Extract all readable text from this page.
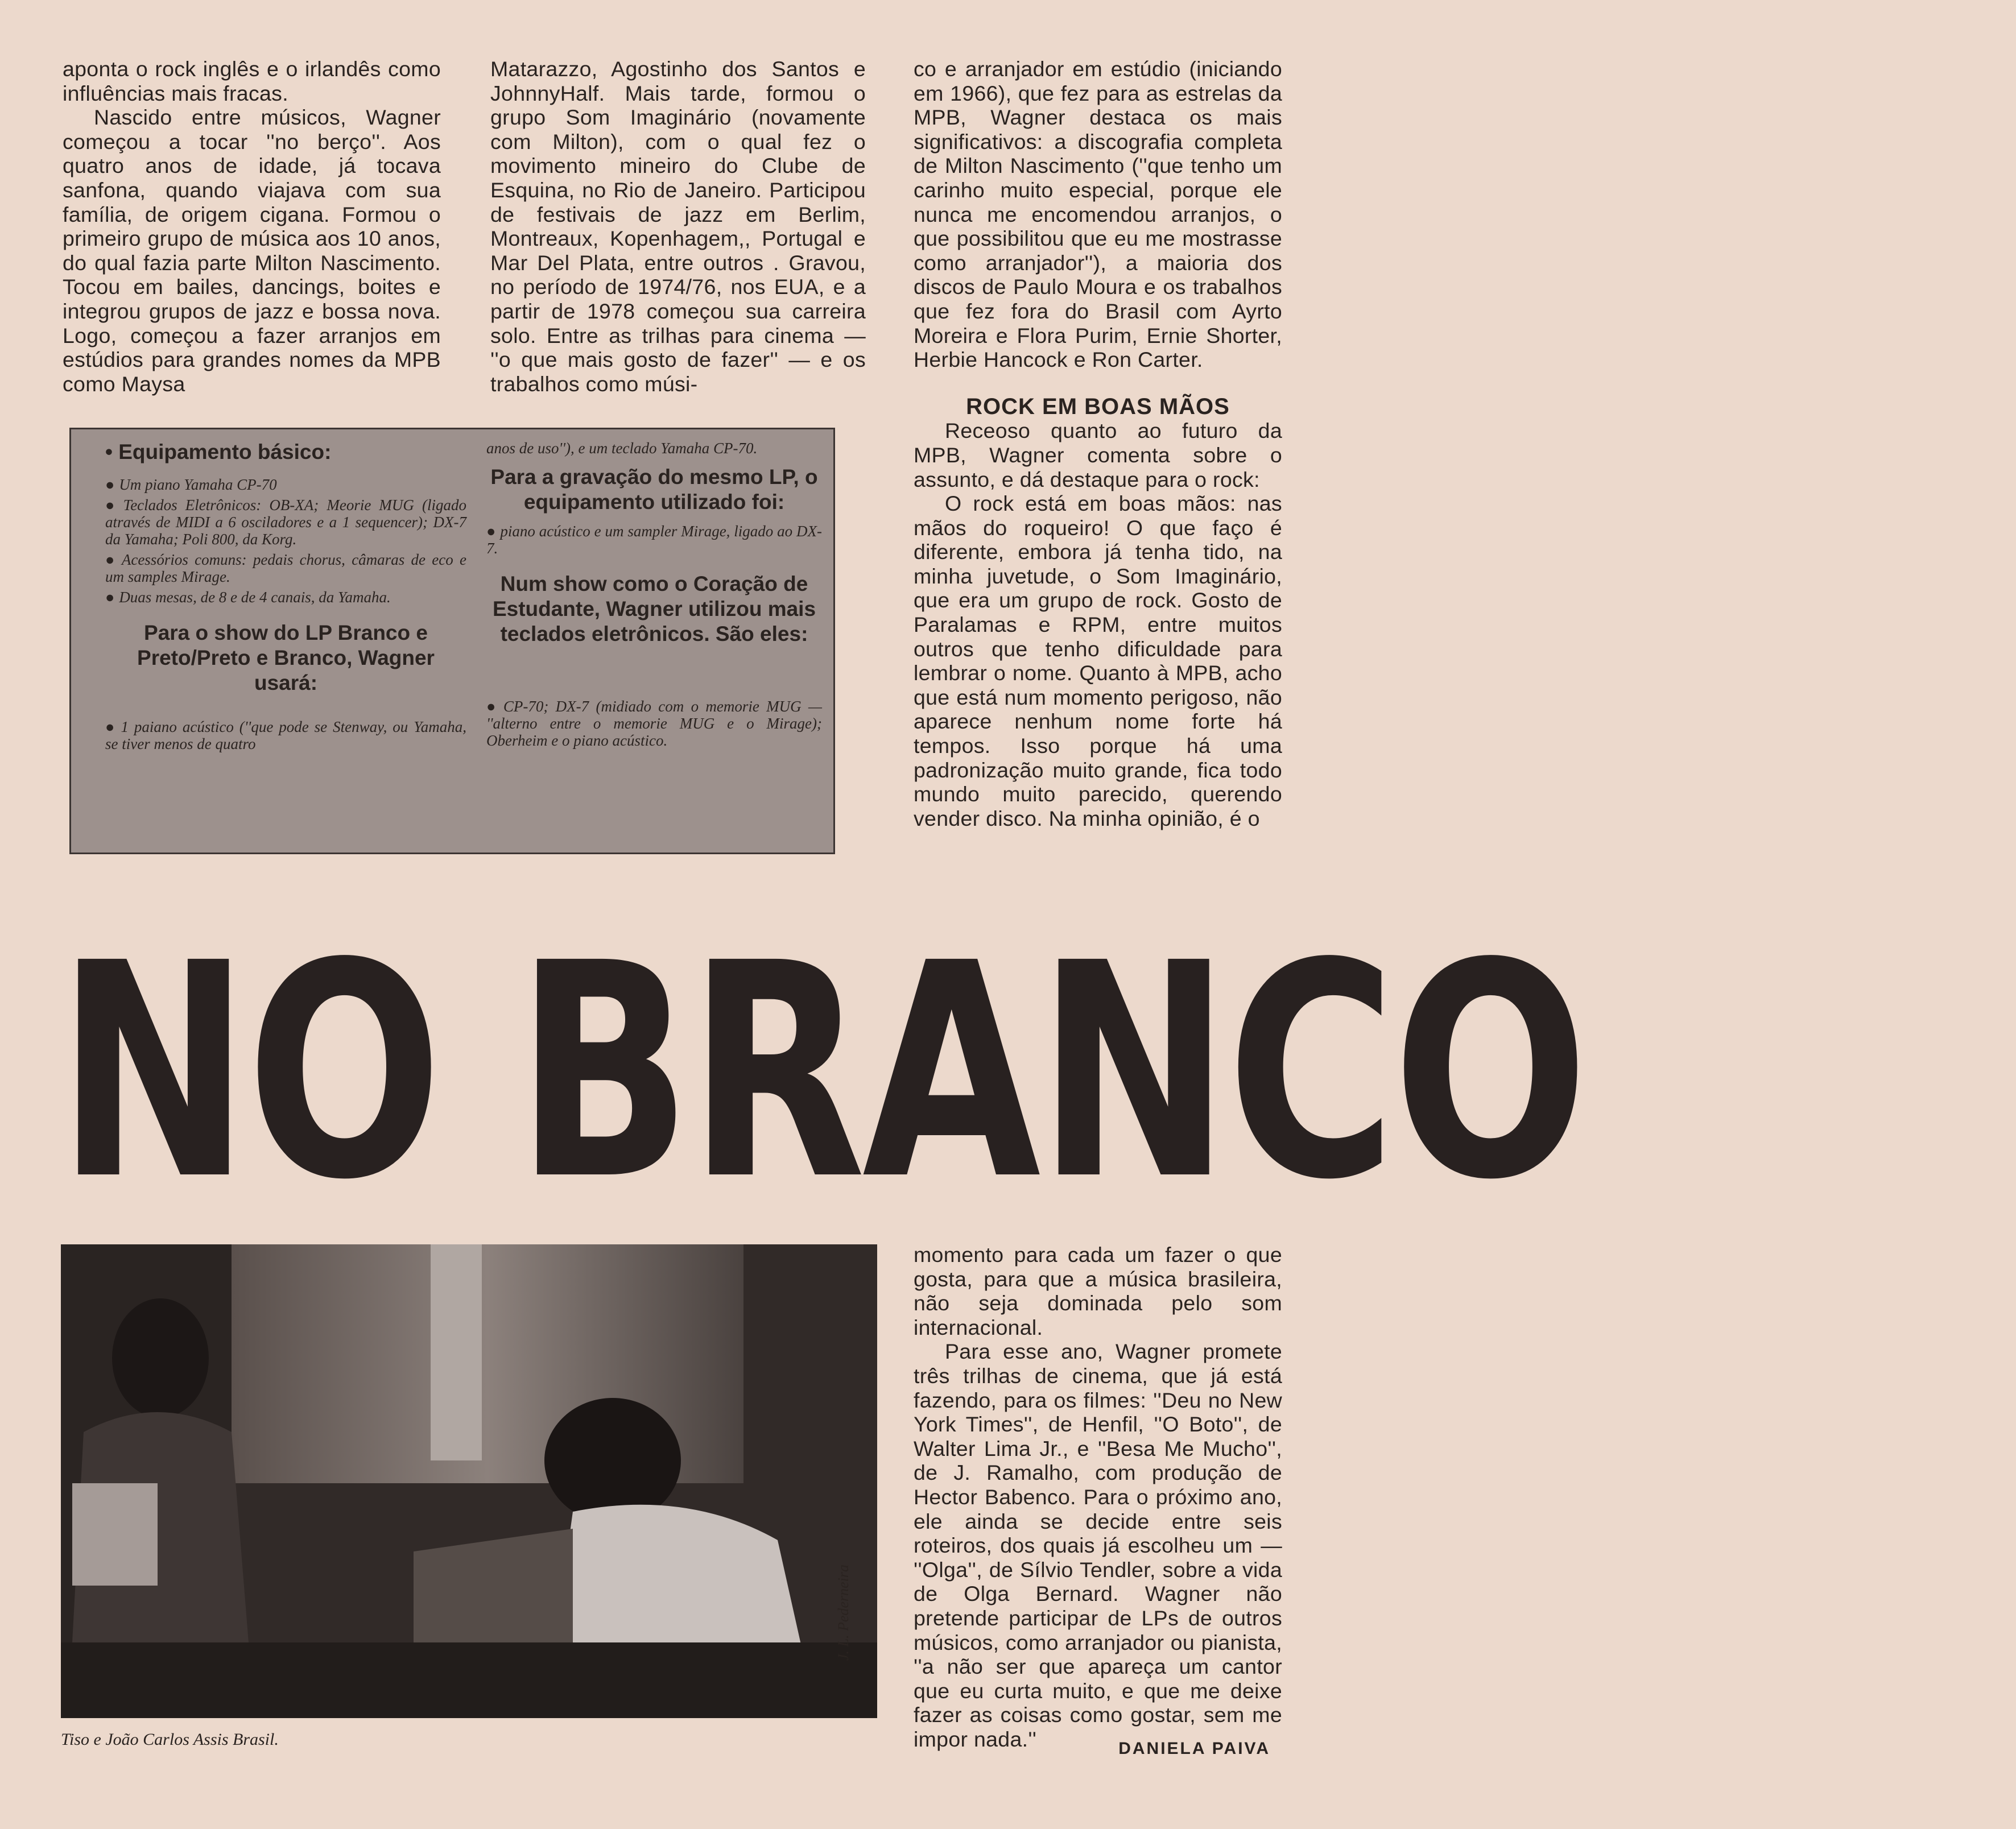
aponta o rock inglês e o irlandês como influências mais fracas.

Nascido entre músicos, Wagner começou a tocar ''no berço''. Aos quatro anos de idade, já tocava sanfona, quando viajava com sua família, de origem cigana. Formou o primeiro grupo de música aos 10 anos, do qual fazia parte Milton Nascimento. Tocou em bailes, dancings, boites e integrou grupos de jazz e bossa nova. Logo, começou a fazer arranjos em estúdios para grandes nomes da MPB como Maysa

Matarazzo, Agostinho dos Santos e JohnnyHalf. Mais tarde, formou o grupo Som Imaginário (novamente com Milton), com o qual fez o movimento mineiro do Clube de Esquina, no Rio de Janeiro. Participou de festivais de jazz em Berlim, Montreaux, Kopenhagem,, Portugal e Mar Del Plata, entre outros . Gravou, no período de 1974/76, nos EUA, e a partir de 1978 começou sua carreira solo. Entre as trilhas para cinema — ''o que mais gosto de fazer'' — e os trabalhos como músi-

co e arranjador em estúdio (iniciando em 1966), que fez para as estrelas da MPB, Wagner destaca os mais significativos: a discografia completa de Milton Nascimento (''que tenho um carinho muito especial, porque ele nunca me encomendou arranjos, o que possibilitou que eu me mostrasse como arranjador''), a maioria dos discos de Paulo Moura e os trabalhos que fez fora do Brasil com Ayrto Moreira e Flora Purim, Ernie Shorter, Herbie Hancock e Ron Carter.

ROCK EM BOAS MÃOS

Receoso quanto ao futuro da MPB, Wagner comenta sobre o assunto, e dá destaque para o rock:

O rock está em boas mãos: nas mãos do roqueiro! O que faço é diferente, embora já tenha tido, na minha juvetude, o Som Imaginário, que era um grupo de rock. Gosto de Paralamas e RPM, entre muitos outros que tenho dificuldade para lembrar o nome. Quanto à MPB, acho que está num momento perigoso, não aparece nenhum nome forte há tempos. Isso porque há uma padronização muito grande, fica todo mundo muito parecido, querendo vender disco. Na minha opinião, é o

• Equipamento básico:

● Um piano Yamaha CP-70

● Teclados Eletrônicos: OB-XA; Meorie MUG (ligado através de MIDI a 6 osciladores e a 1 sequencer); DX-7 da Yamaha; Poli 800, da Korg.

● Acessórios comuns: pedais chorus, câmaras de eco e um samples Mirage.

● Duas mesas, de 8 e de 4 canais, da Yamaha.

Para o show do LP Branco e Preto/Preto e Branco, Wagner usará:

● 1 paiano acústico (''que pode se Stenway, ou Yamaha, se tiver menos de quatro

anos de uso''), e um teclado Yamaha CP-70.

Para a gravação do mesmo LP, o equipamento utilizado foi:

● piano acústico e um sampler Mirage, ligado ao DX-7.

Num show como o Coração de Estudante, Wagner utilizou mais teclados eletrônicos. São eles:

● CP-70; DX-7 (midiado com o memorie MUG — ''alterno entre o memorie MUG e o Mirage); Oberheim e o piano acústico.

NO BRANCO
J. L. Pederneira
Tiso e João Carlos Assis Brasil.

momento para cada um fazer o que gosta, para que a música brasileira, não seja dominada pelo som internacional.

Para esse ano, Wagner promete três trilhas de cinema, que já está fazendo, para os filmes: ''Deu no New York Times'', de Henfil, ''O Boto'', de Walter Lima Jr., e ''Besa Me Mucho'', de J. Ramalho, com produção de Hector Babenco. Para o próximo ano, ele ainda se decide entre seis roteiros, dos quais já escolheu um — ''Olga'', de Sílvio Tendler, sobre a vida de Olga Bernard. Wagner não pretende participar de LPs de outros músicos, como arranjador ou pianista, ''a não ser que apareça um cantor que eu curta muito, e que me deixe fazer as coisas como gostar, sem me impor nada.''	DANIELA PAIVA
